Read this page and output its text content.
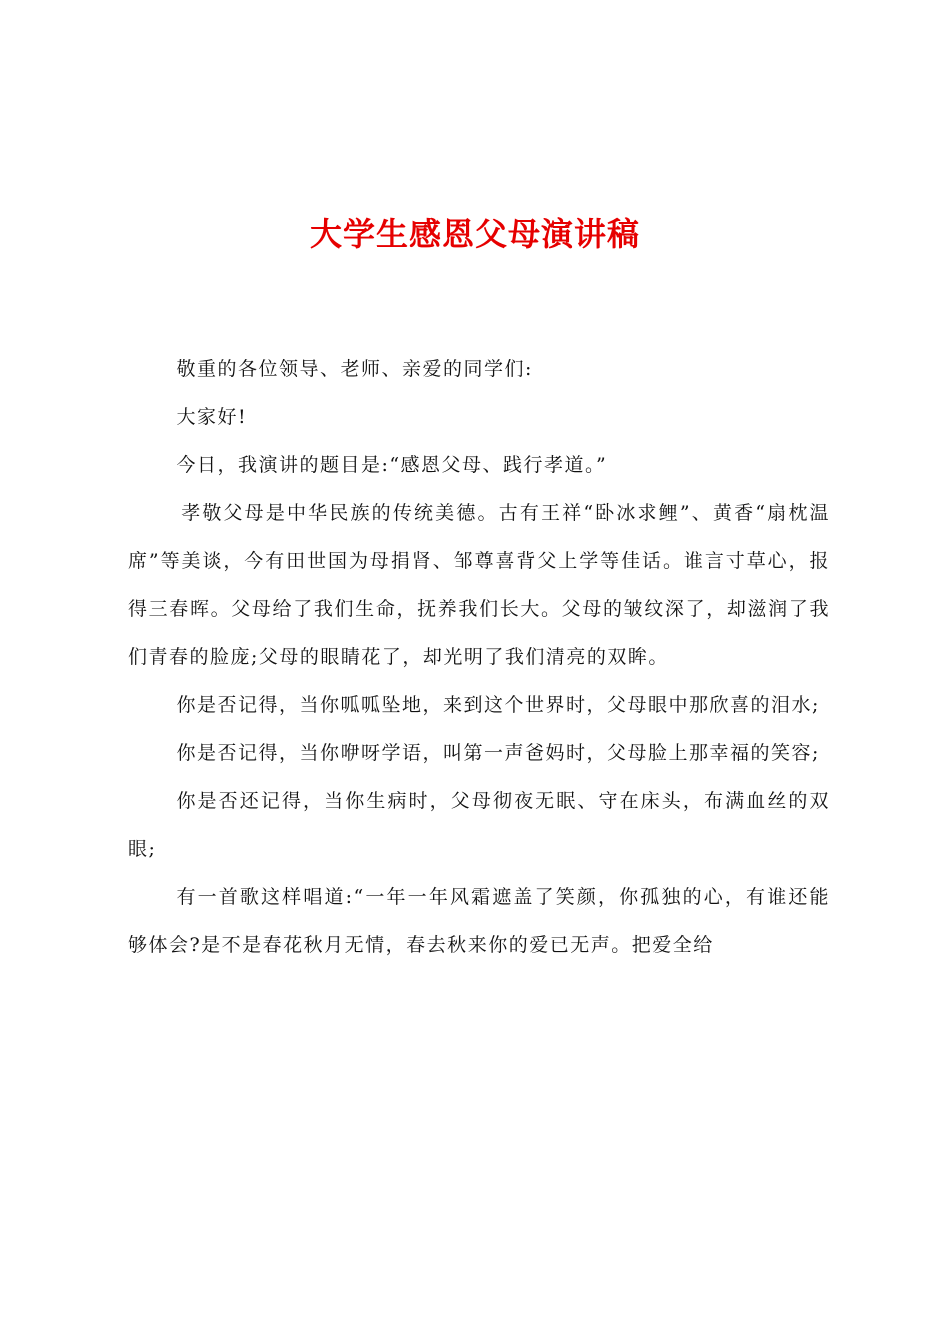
大学生感恩父母演讲稿

敬重的各位领导、老师、亲爱的同学们:

大家好!

今日，我演讲的题目是:“感恩父母、践行孝道。”

孝敬父母是中华民族的传统美德。古有王祥“卧冰求鲤”、黄香“扇枕温席”等美谈，今有田世国为母捐肾、邹尊喜背父上学等佳话。谁言寸草心，报得三春晖。父母给了我们生命，抚养我们长大。父母的皱纹深了，却滋润了我们青春的脸庞;父母的眼睛花了，却光明了我们清亮的双眸。

你是否记得，当你呱呱坠地，来到这个世界时，父母眼中那欣喜的泪水;

你是否记得，当你咿呀学语，叫第一声爸妈时，父母脸上那幸福的笑容;

你是否还记得，当你生病时，父母彻夜无眠、守在床头，布满血丝的双眼;

有一首歌这样唱道:“一年一年风霜遮盖了笑颜，你孤独的心，有谁还能够体会?是不是春花秋月无情，春去秋来你的爱已无声。把爱全给
